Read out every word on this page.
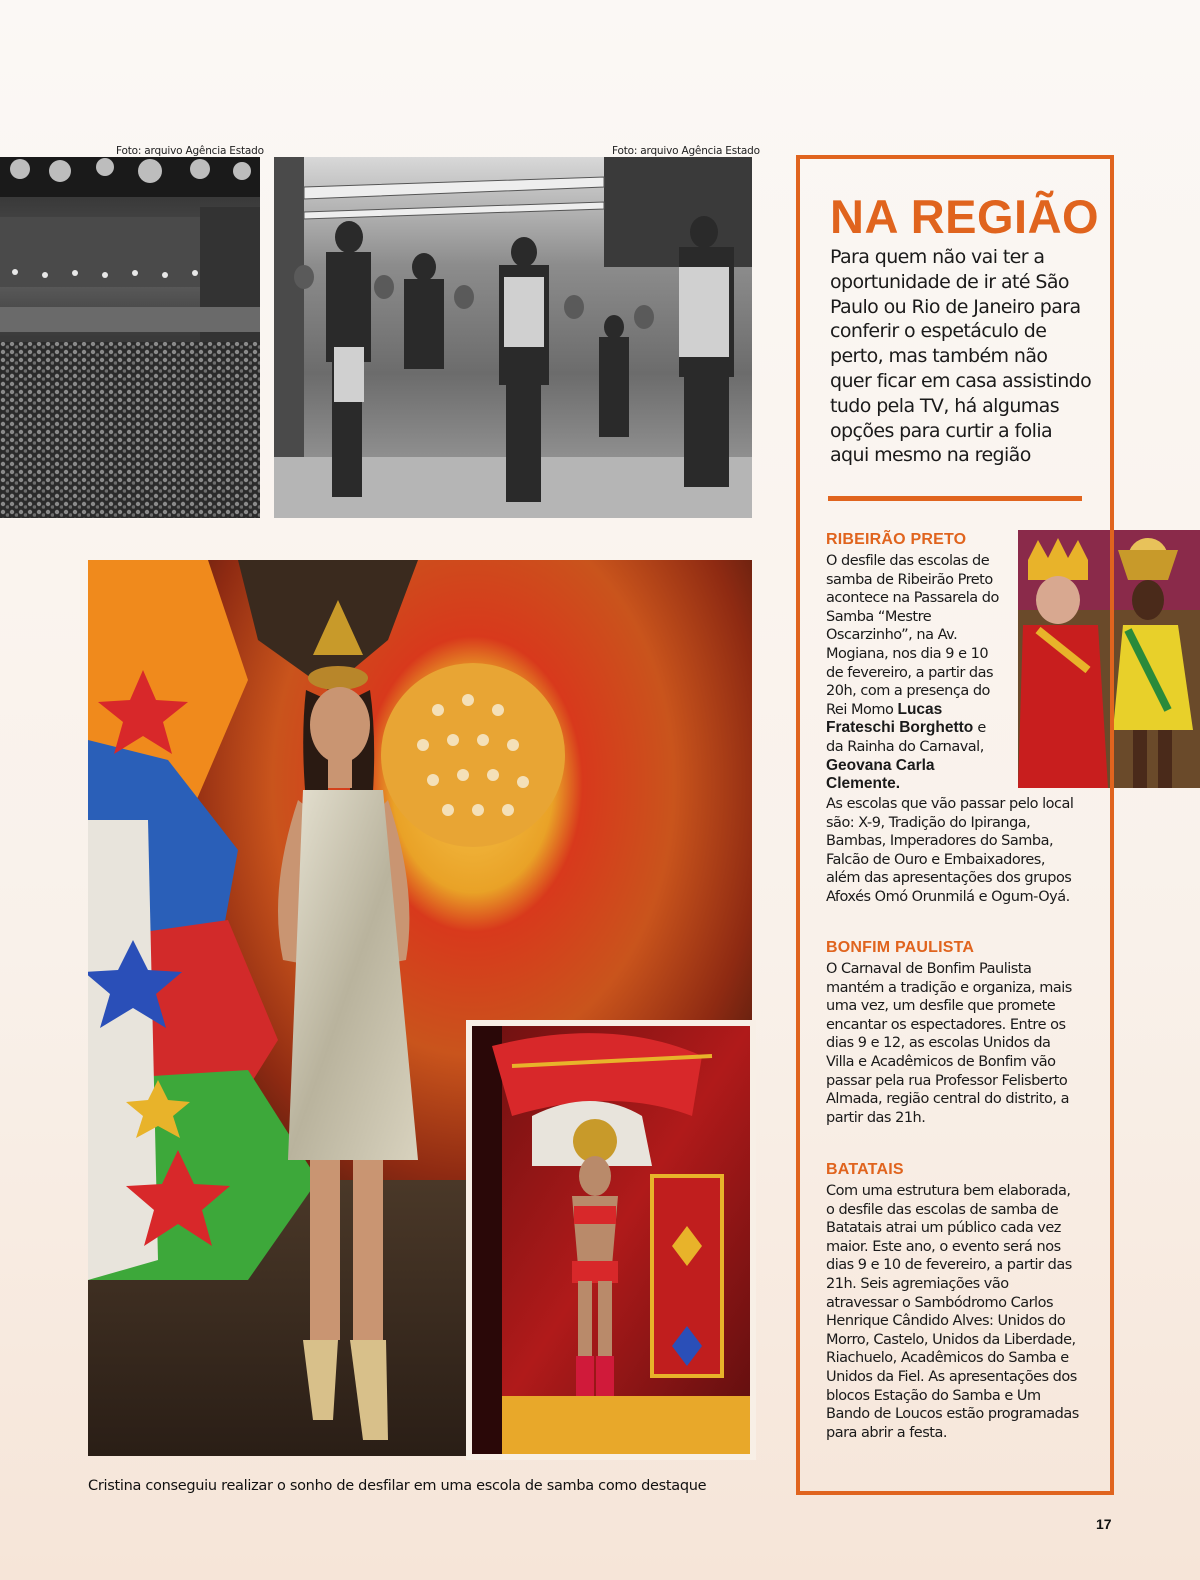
Foto: arquivo Agência Estado	Foto: arquivo Agência Estado
NA REGIÃO
Para quem não vai ter a oportunidade de ir até São Paulo ou Rio de Janeiro para conferir o espetáculo de perto, mas também não quer ficar em casa assistindo tudo pela TV, há algumas opções para curtir a folia aqui mesmo na região
RIBEIRÃO PRETO
O desfile das escolas de samba de Ribeirão Preto acontece na Passarela do Samba “Mestre Oscarzinho”, na Av. Mogiana, nos dia 9 e 10 de fevereiro, a partir das 20h, com a presença do Rei Momo Lucas Frateschi Borghetto e da Rainha do Carnaval, Geovana Carla Clemente.
As escolas que vão passar pelo local são: X-9, Tradição do Ipiranga, Bambas, Imperadores do Samba, Falcão de Ouro e Embaixadores, além das apresentações dos grupos Afoxés Omó Orunmilá e Ogum-Oyá.
BONFIM PAULISTA
O Carnaval de Bonfim Paulista mantém a tradição e organiza, mais uma vez, um desfile que promete encantar os espectadores. Entre os dias 9 e 12, as escolas Unidos da Villa e Acadêmicos de Bonfim vão passar pela rua Professor Felisberto Almada, região central do distrito, a partir das 21h.
BATATAIS
Com uma estrutura bem elaborada, o desfile das escolas de samba de Batatais atrai um público cada vez maior. Este ano, o evento será nos dias 9 e 10 de fevereiro, a partir das 21h. Seis agremiações vão atravessar o Sambódromo Carlos Henrique Cândido Alves: Unidos do Morro, Castelo, Unidos da Liberdade, Riachuelo, Acadêmicos do Samba e Unidos da Fiel. As apresentações dos blocos Estação do Samba e Um Bando de Loucos estão programadas para abrir a festa.
Cristina conseguiu realizar o sonho de desfilar em uma escola de samba como destaque
17
